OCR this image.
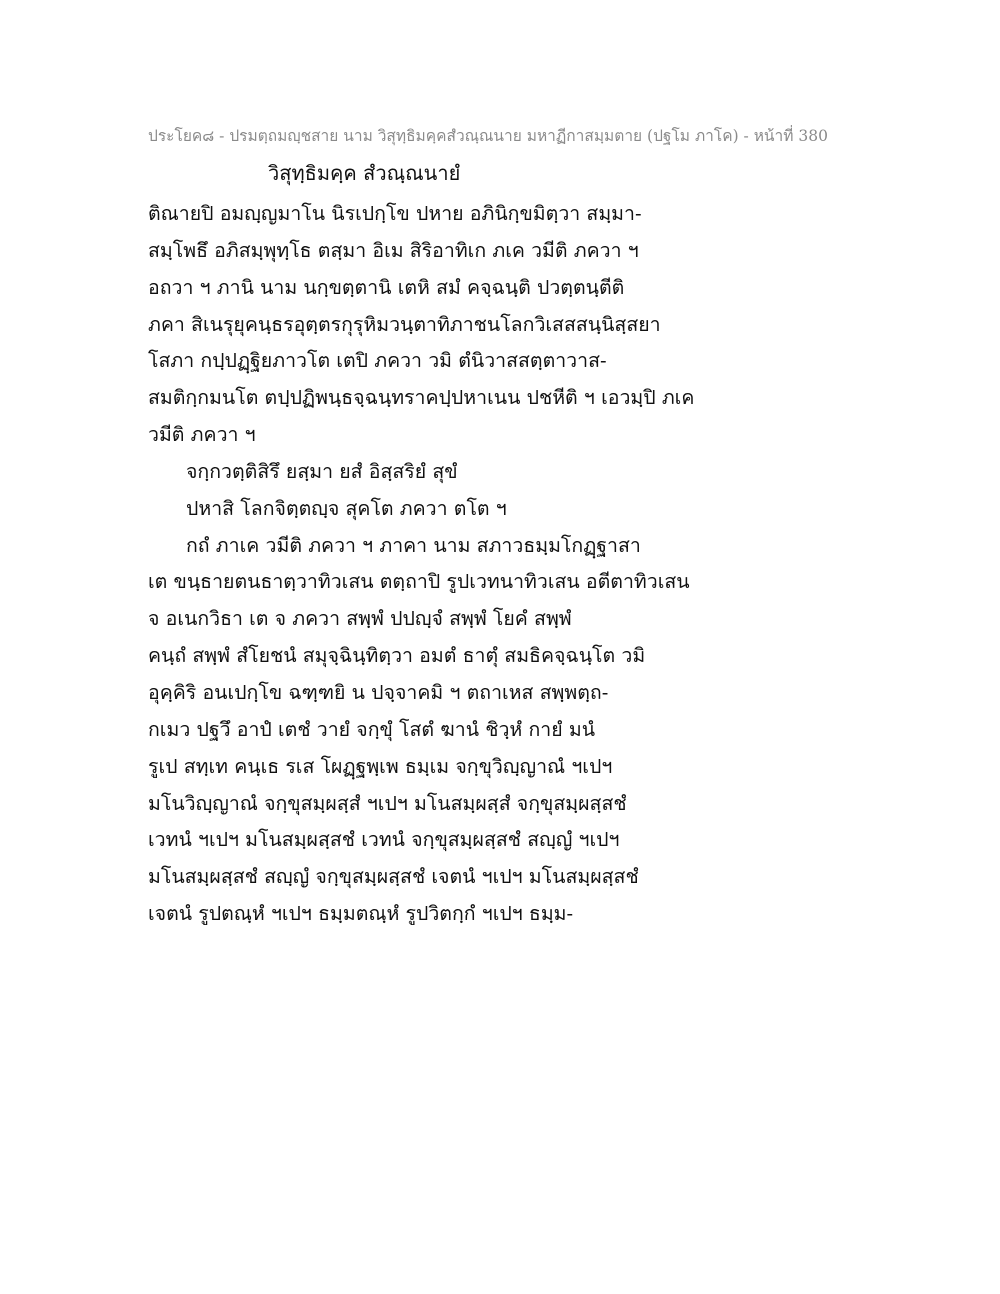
ประโยค๘ - ปรมตฺถมญฺชสาย นาม วิสุทฺธิมคฺคสํวณฺณนาย มหาฏีกาสมฺมตาย (ปฐโม ภาโค) - หน้าที่ 380
วิสุทฺธิมคฺค สํวณฺณนายํ
ติณายปิ อมญฺญมาโน นิรเปกฺโข ปหาย อภินิกฺขมิตฺวา สมฺมา-
สมฺโพธึ อภิสมฺพุทฺโธ ตสฺมา อิเม สิริอาทิเก ภเค วมีติ ภควา ฯ
อถวา ฯ ภานิ นาม นกฺขตฺตานิ เตหิ สมํ คจฺฉนฺติ ปวตฺตนฺตีติ
ภคา สิเนรุยุคนฺธรอุตฺตรกุรุหิมวนฺตาทิภาชนโลกวิเสสสนฺนิสฺสยา
โสภา กปฺปฏฺฐิยภาวโต เตปิ ภควา วมิ ตํนิวาสสตฺตาวาส-
สมติกฺกมนโต ตปฺปฏิพนฺธจฺฉนฺทราคปฺปหาเนน ปชหีติ ฯ เอวมฺปิ ภเค
วมีติ ภควา ฯ
จกฺกวตฺติสิรึ ยสฺมา ยสํ อิสฺสริยํ สุขํ
ปหาสิ โลกจิตฺตญฺจ สุคโต ภควา ตโต ฯ
กถํ ภาเค วมีติ ภควา ฯ ภาคา นาม สภาวธมฺมโกฏฺฐาสา
เต ขนฺธายตนธาตฺวาทิวเสน ตตฺถาปิ รูปเวทนาทิวเสน อตีตาทิวเสน
จ อเนกวิธา เต จ ภควา สพฺพํ ปปญฺจํ สพฺพํ โยคํ สพฺพํ
คนฺถํ สพฺพํ สํโยชนํ สมุจฺฉินฺทิตฺวา อมตํ ธาตุํ สมธิคจฺฉนฺโต วมิ
อุคฺคิริ อนเปกฺโข ฉฑฺฑยิ น ปจฺจาคมิ ฯ ตถาเหส สพฺพตฺถ-
กเมว ปฐวึ อาปํ เตชํ วายํ จกฺขุํ โสตํ ฆานํ ชิวฺหํ กายํ มนํ
รูเป สทฺเท คนฺเธ รเส โผฏฺฐพฺเพ ธมฺเม จกฺขุวิญฺญาณํ ฯเปฯ
มโนวิญฺญาณํ จกฺขุสมฺผสฺสํ ฯเปฯ มโนสมฺผสฺสํ จกฺขุสมฺผสฺสชํ
เวทนํ ฯเปฯ มโนสมฺผสฺสชํ เวทนํ จกฺขุสมฺผสฺสชํ สญฺญํ ฯเปฯ
มโนสมฺผสฺสชํ สญฺญํ จกฺขุสมฺผสฺสชํ เจตนํ ฯเปฯ มโนสมฺผสฺสชํ
เจตนํ รูปตณฺหํ ฯเปฯ ธมฺมตณฺหํ รูปวิตกฺกํ ฯเปฯ ธมฺม-
